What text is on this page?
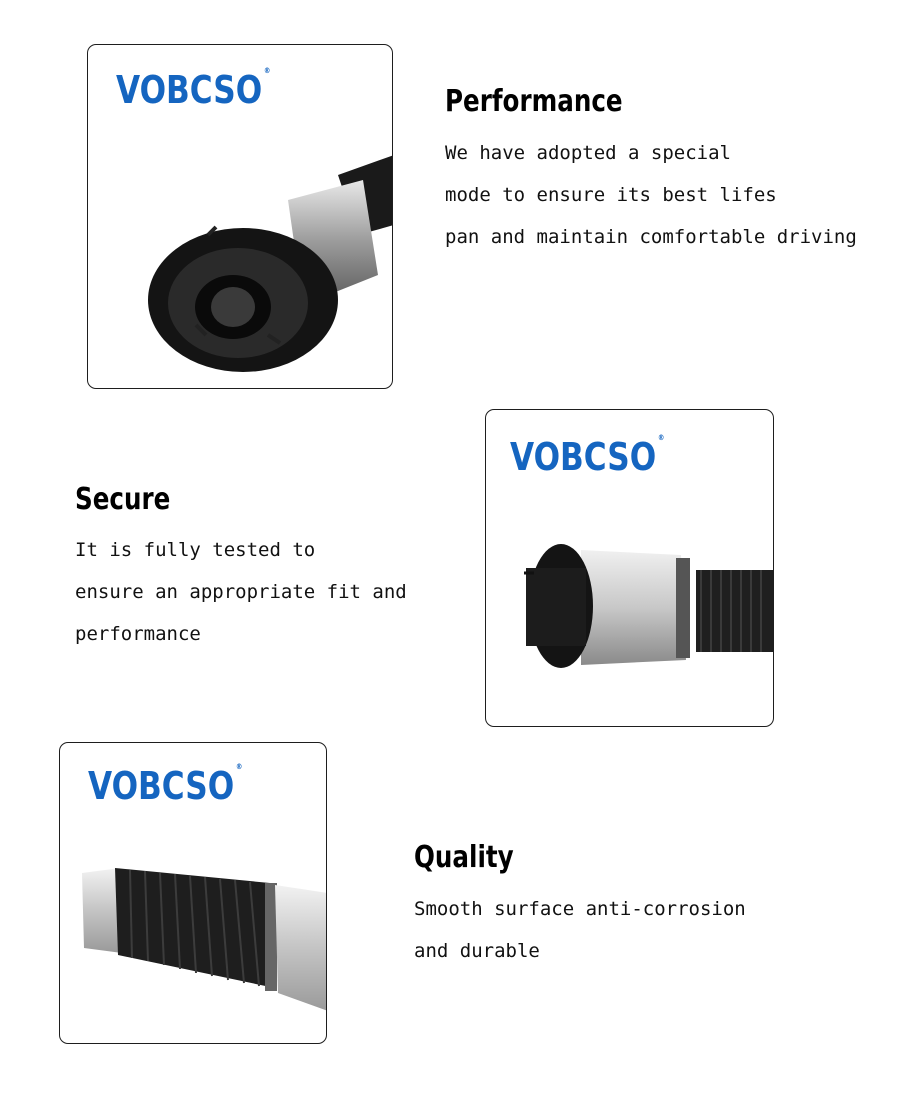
VOBCSO ®
Performance

We have adopted a special
mode to ensure its best lifes
pan and maintain comfortable driving

Secure

It is fully tested to
ensure an appropriate fit and
performance

VOBCSO ®
VOBCSO ®
Quality

Smooth surface anti-corrosion
and durable
